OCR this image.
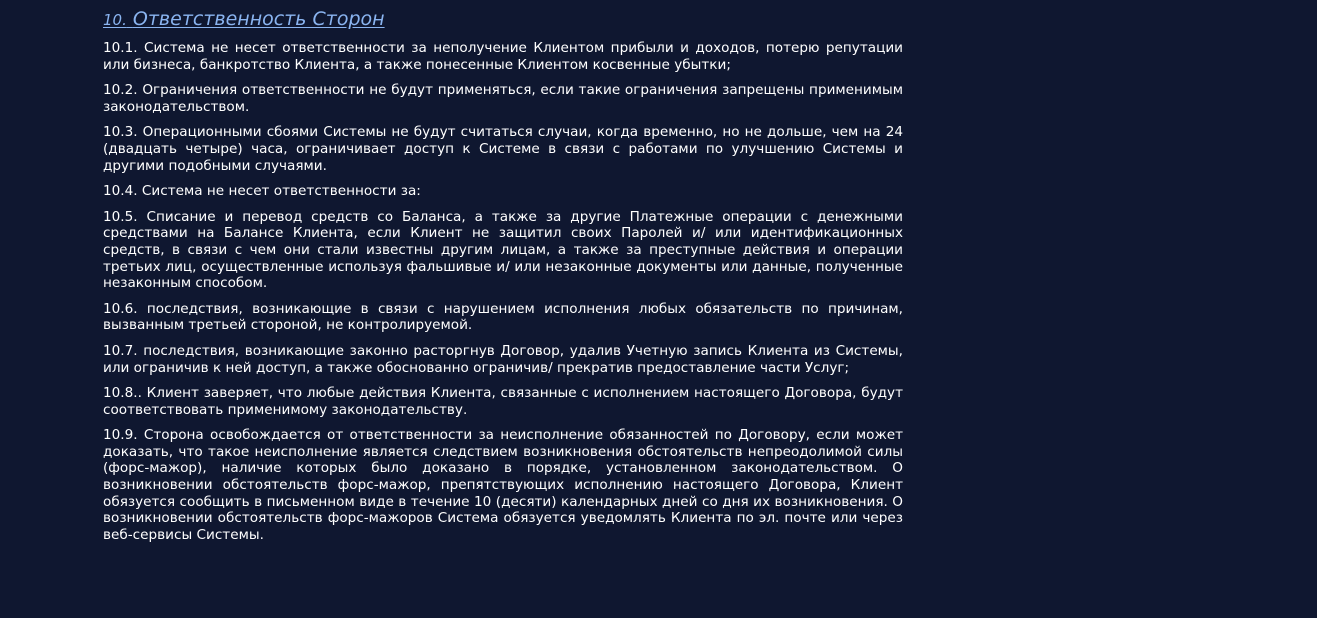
10. Ответственность Сторон

10.1. Система не несет ответственности за неполучение Клиентом прибыли и доходов, потерю репутации или бизнеса, банкротство Клиента, а также понесенные Клиентом косвенные убытки;

10.2. Ограничения ответственности не будут применяться, если такие ограничения запрещены применимым законодательством.

10.3. Операционными сбоями Системы не будут считаться случаи, когда временно, но не дольше, чем на 24 (двадцать четыре) часа, ограничивает доступ к Системе в связи с работами по улучшению Системы и другими подобными случаями.

10.4. Система не несет ответственности за:

10.5. Списание и перевод средств со Баланса, а также за другие Платежные операции с денежными средствами на Балансе Клиента, если Клиент не защитил своих Паролей и/ или идентификационных средств, в связи с чем они стали известны другим лицам, а также за преступные действия и операции третьих лиц, осуществленные используя фальшивые и/ или незаконные документы или данные, полученные незаконным способом.

10.6. последствия, возникающие в связи с нарушением исполнения любых обязательств по причинам, вызванным третьей стороной, не контролируемой.

10.7. последствия, возникающие законно расторгнув Договор, удалив Учетную запись Клиента из Системы, или ограничив к ней доступ, а также обоснованно ограничив/ прекратив предоставление части Услуг;

10.8.. Клиент заверяет, что любые действия Клиента, связанные с исполнением настоящего Договора, будут соответствовать применимому законодательству.

10.9. Сторона освобождается от ответственности за неисполнение обязанностей по Договору, если может доказать, что такое неисполнение является следствием возникновения обстоятельств непреодолимой силы (форс-мажор), наличие которых было доказано в порядке, установленном законодательством. О возникновении обстоятельств форс-мажор, препятствующих исполнению настоящего Договора, Клиент обязуется сообщить в письменном виде в течение 10 (десяти) календарных дней со дня их возникновения. О возникновении обстоятельств форс-мажоров Система обязуется уведомлять Клиента по эл. почте или через веб-сервисы Системы.
